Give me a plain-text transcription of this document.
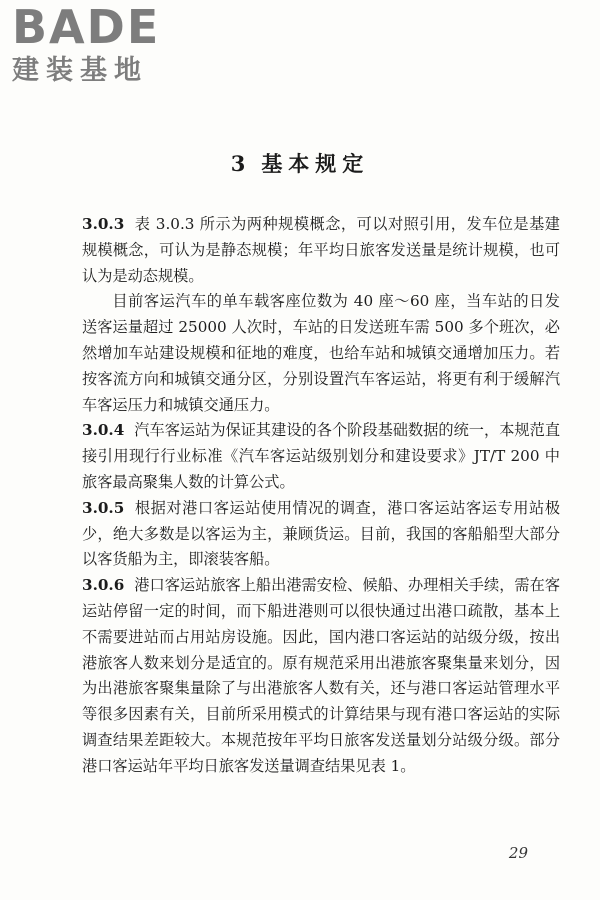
BADE
建装基地
3 基本规定

3.0.3 表 3.0.3 所示为两种规模概念，可以对照引用，发车位是基建规模概念，可认为是静态规模；年平均日旅客发送量是统计规模，也可认为是动态规模。

目前客运汽车的单车载客座位数为 40 座～60 座，当车站的日发送客运量超过 25000 人次时，车站的日发送班车需 500 多个班次，必然增加车站建设规模和征地的难度，也给车站和城镇交通增加压力。若按客流方向和城镇交通分区，分别设置汽车客运站，将更有利于缓解汽车客运压力和城镇交通压力。

3.0.4 汽车客运站为保证其建设的各个阶段基础数据的统一，本规范直接引用现行行业标准《汽车客运站级别划分和建设要求》JT/T 200 中旅客最高聚集人数的计算公式。

3.0.5 根据对港口客运站使用情况的调查，港口客运站客运专用站极少，绝大多数是以客运为主，兼顾货运。目前，我国的客船船型大部分以客货船为主，即滚装客船。

3.0.6 港口客运站旅客上船出港需安检、候船、办理相关手续，需在客运站停留一定的时间，而下船进港则可以很快通过出港口疏散，基本上不需要进站而占用站房设施。因此，国内港口客运站的站级分级，按出港旅客人数来划分是适宜的。原有规范采用出港旅客聚集量来划分，因为出港旅客聚集量除了与出港旅客人数有关，还与港口客运站管理水平等很多因素有关，目前所采用模式的计算结果与现有港口客运站的实际调查结果差距较大。本规范按年平均日旅客发送量划分站级分级。部分港口客运站年平均日旅客发送量调查结果见表 1。

29
